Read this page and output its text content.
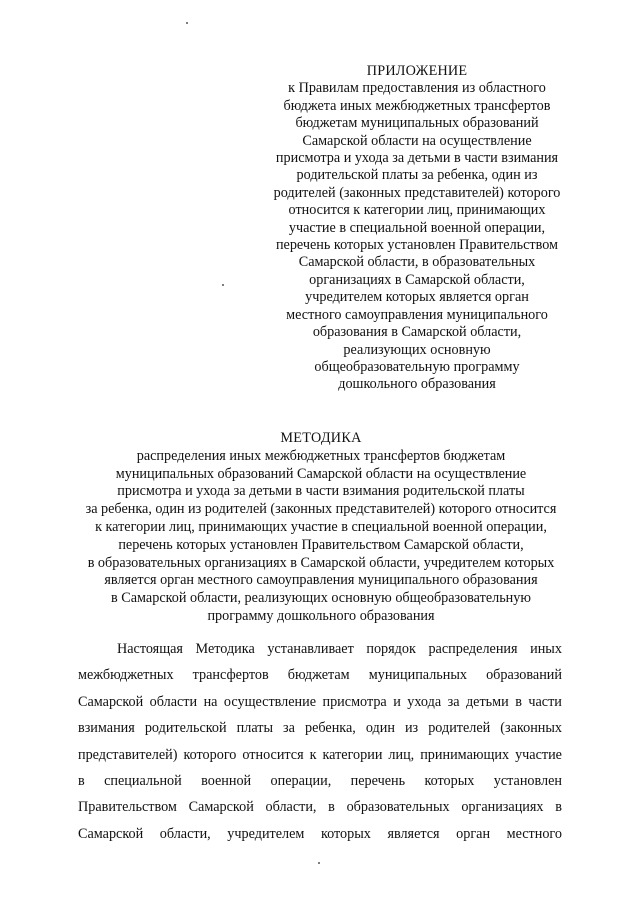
ПРИЛОЖЕНИЕ
к Правилам предоставления из областного
бюджета иных межбюджетных трансфертов
бюджетам муниципальных образований
Самарской области на осуществление
присмотра и ухода за детьми в части взимания
родительской платы за ребенка, один из
родителей (законных представителей) которого
относится к категории лиц, принимающих
участие в специальной военной операции,
перечень которых установлен Правительством
Самарской области, в образовательных
организациях в Самарской области,
учредителем которых является орган
местного самоуправления муниципального
образования в Самарской области,
реализующих основную
общеобразовательную программу
дошкольного образования
МЕТОДИКА
распределения иных межбюджетных трансфертов бюджетам
муниципальных образований Самарской области на осуществление
присмотра и ухода за детьми в части взимания родительской платы
за ребенка, один из родителей (законных представителей) которого относится
к категории лиц, принимающих участие в специальной военной операции,
перечень которых установлен Правительством Самарской области,
в образовательных организациях в Самарской области, учредителем которых
является орган местного самоуправления муниципального образования
в Самарской области, реализующих основную общеобразовательную
программу дошкольного образования
Настоящая Методика устанавливает порядок распределения иных
межбюджетных трансфертов бюджетам муниципальных образований
Самарской области на осуществление присмотра и ухода за детьми в части
взимания родительской платы за ребенка, один из родителей (законных
представителей) которого относится к категории лиц, принимающих участие
в специальной военной операции, перечень которых установлен
Правительством Самарской области, в образовательных организациях в
Самарской области, учредителем которых является орган местного
